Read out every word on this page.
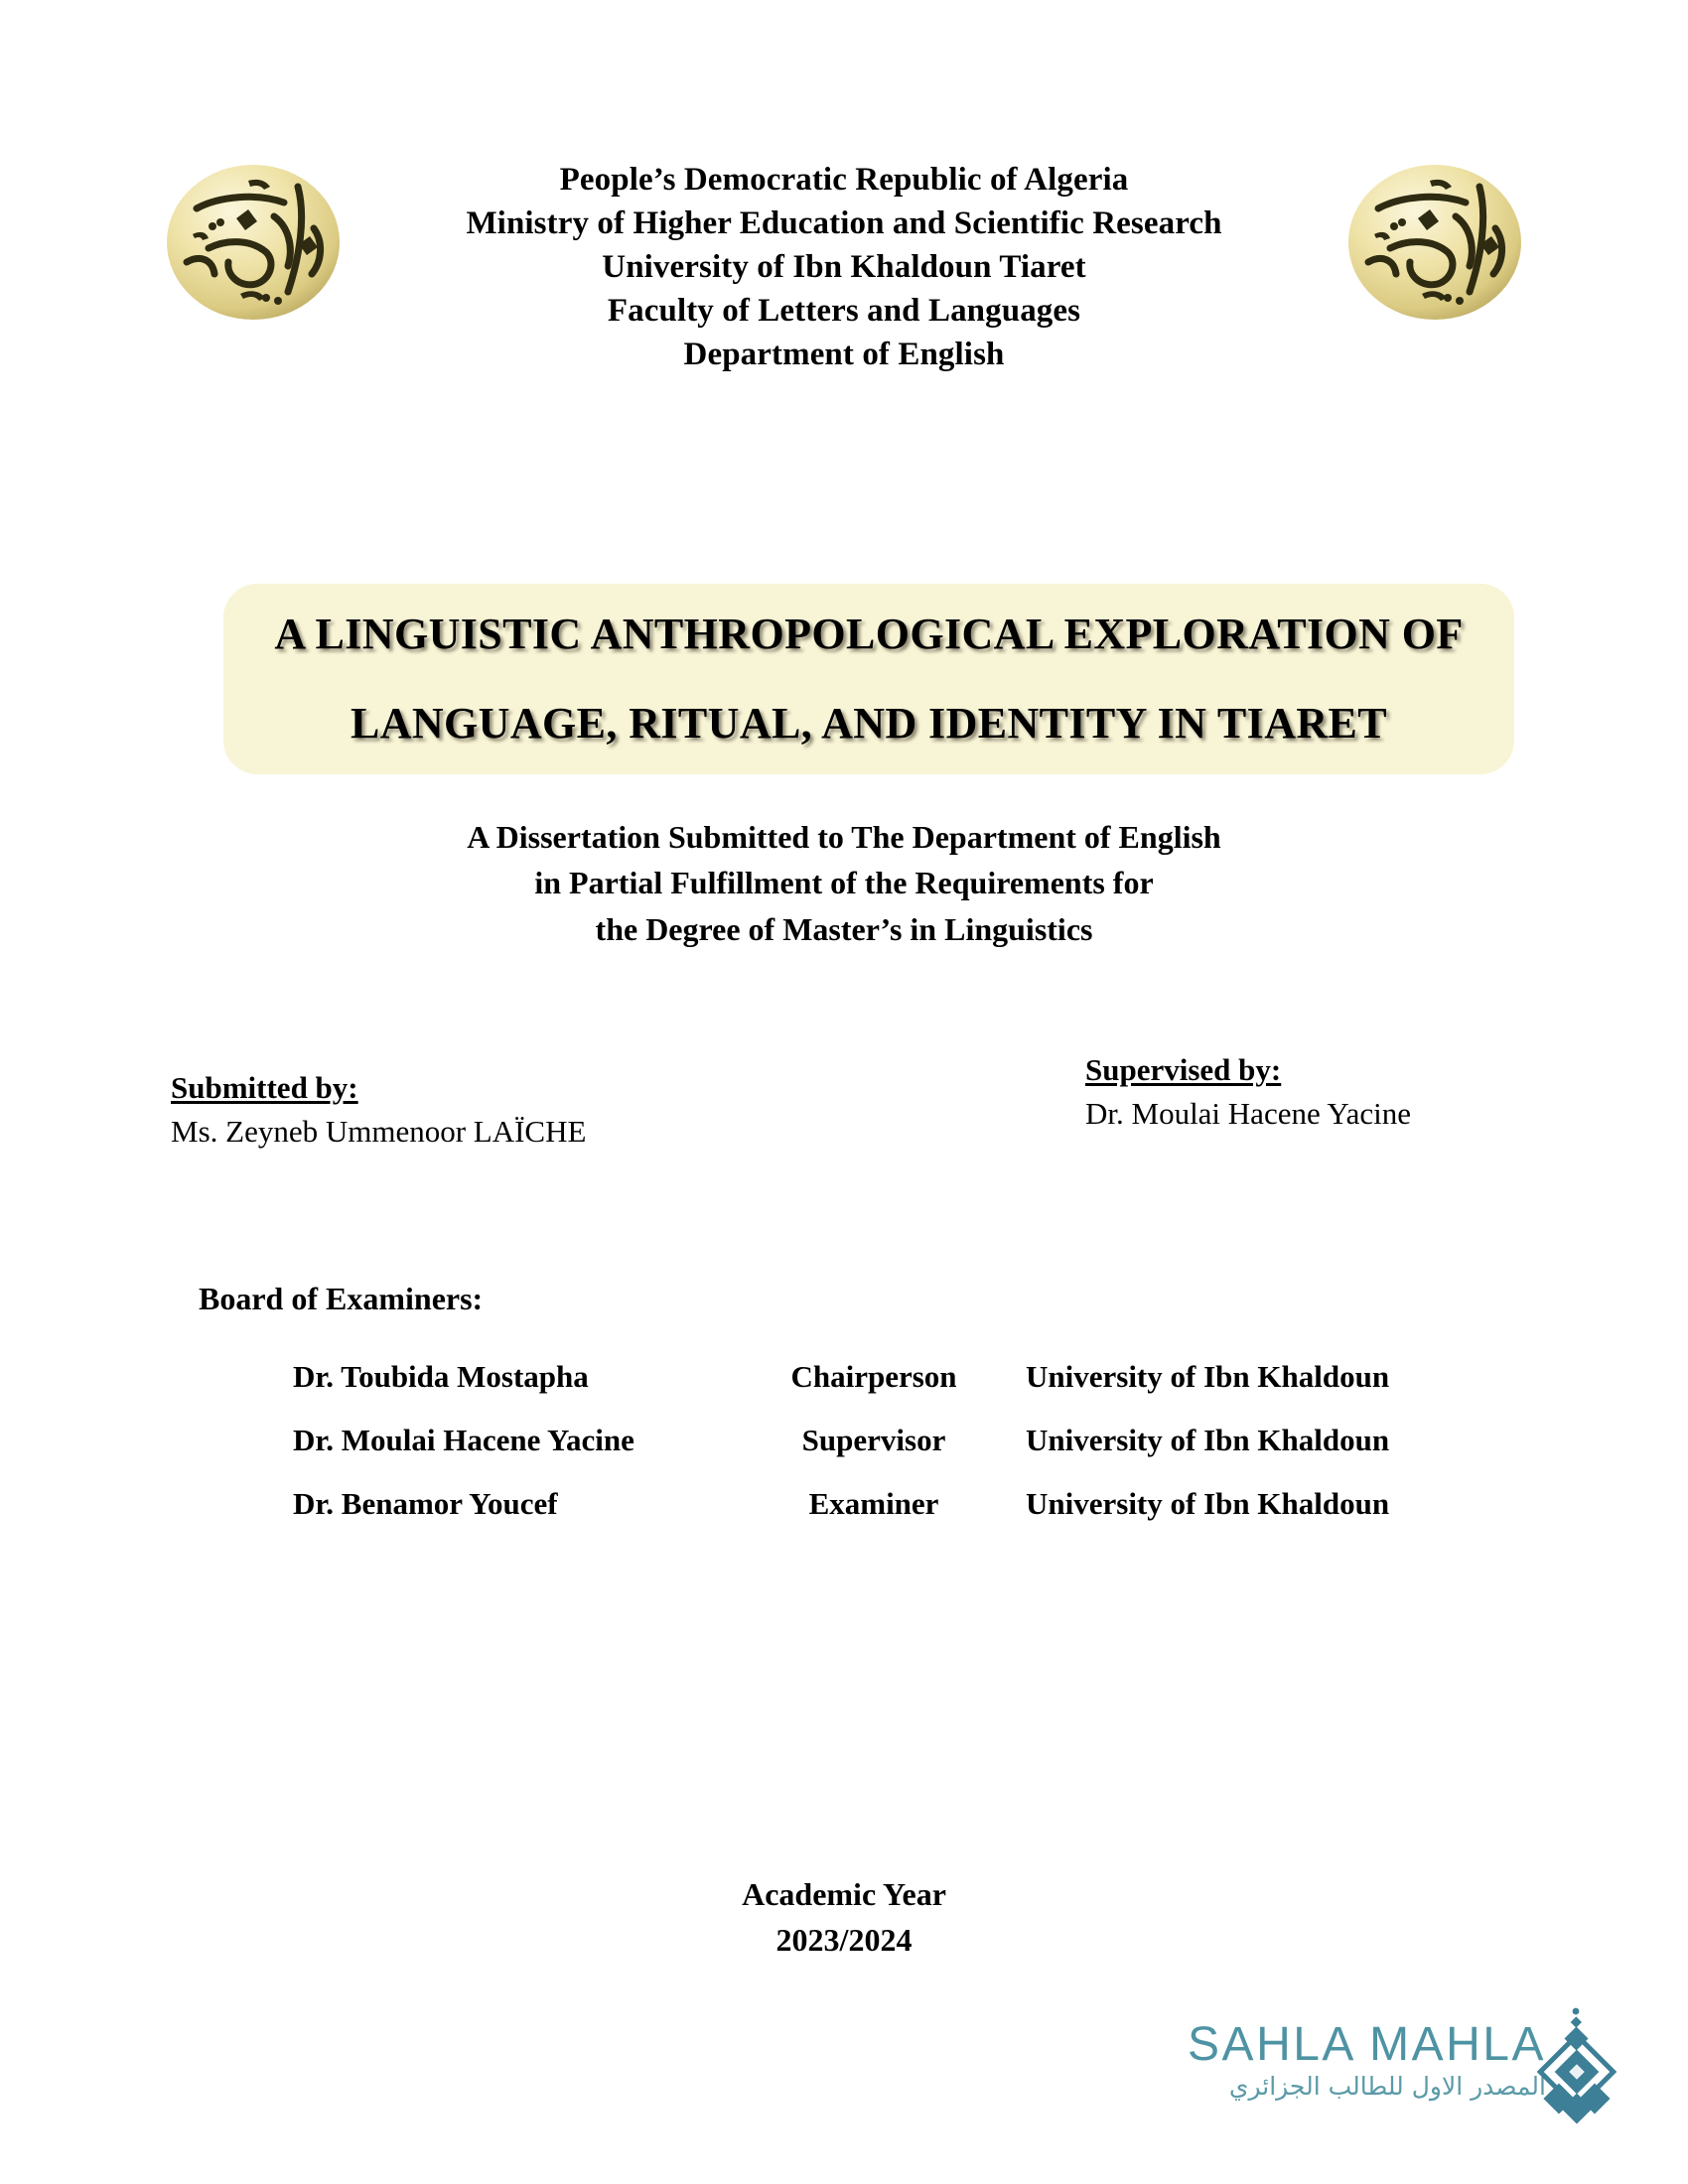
People’s Democratic Republic of Algeria
Ministry of Higher Education and Scientific Research
University of Ibn Khaldoun Tiaret
Faculty of Letters and Languages
Department of English
A LINGUISTIC ANTHROPOLOGICAL EXPLORATION OF
LANGUAGE, RITUAL, AND IDENTITY IN TIARET
A Dissertation Submitted to The Department of English
in Partial Fulfillment of the Requirements for
the Degree of Master’s in Linguistics
Submitted by:
Ms. Zeyneb Ummenoor LAÏCHE
Supervised by:
Dr. Moulai Hacene Yacine
Board of Examiners:
Dr. Toubida Mostapha	Chairperson	University of Ibn Khaldoun
Dr. Moulai Hacene Yacine	Supervisor	University of Ibn Khaldoun
Dr. Benamor Youcef	Examiner	University of Ibn Khaldoun
Academic Year
2023/2024
SAHLA MAHLA
المصدر الاول للطالب الجزائري
